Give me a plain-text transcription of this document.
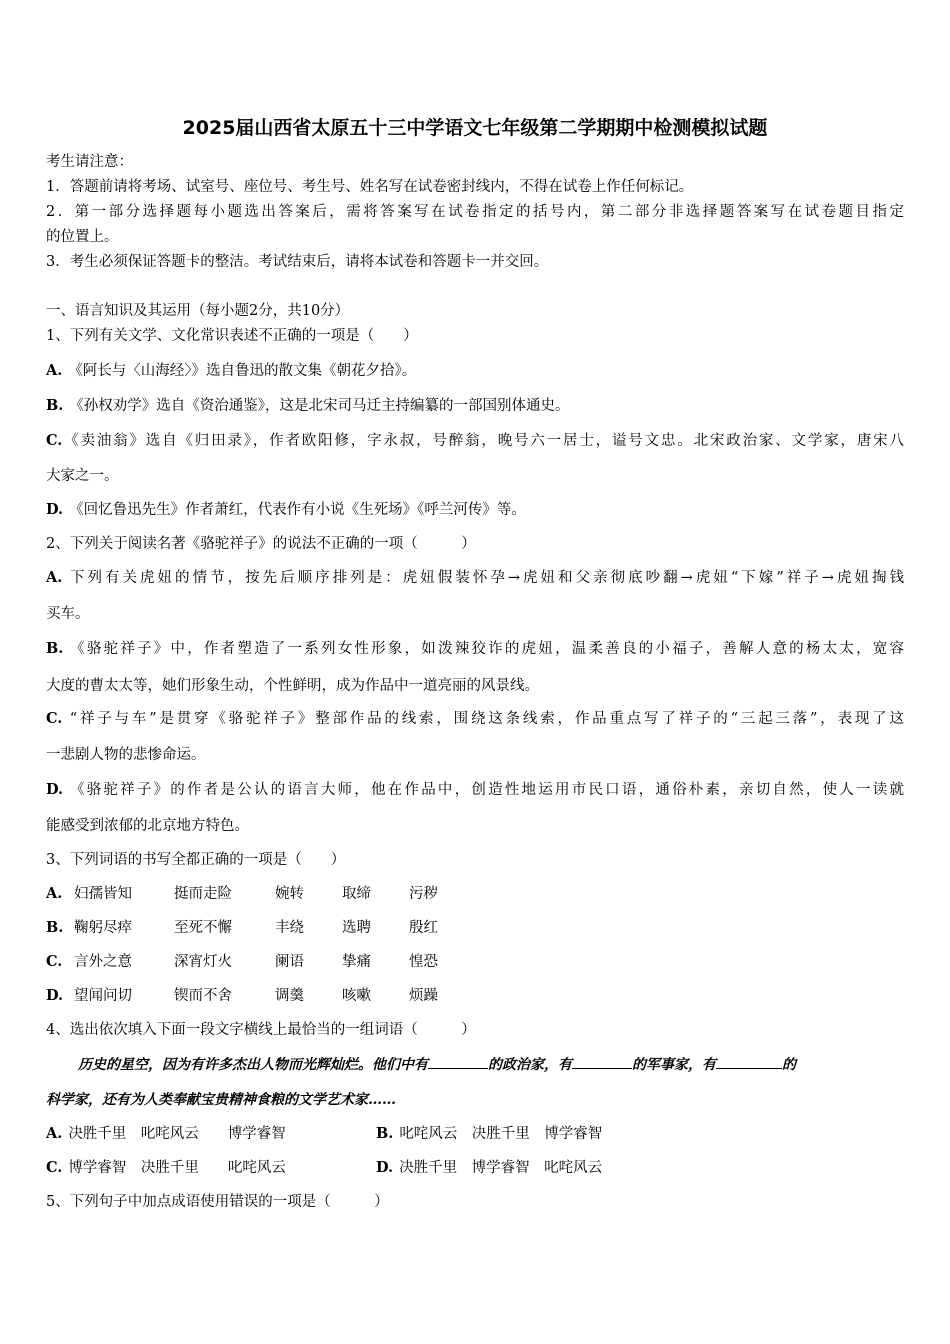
2025届山西省太原五十三中学语文七年级第二学期期中检测模拟试题
考生请注意：
1．答题前请将考场、试室号、座位号、考生号、姓名写在试卷密封线内，不得在试卷上作任何标记。
2．第一部分选择题每小题选出答案后，需将答案写在试卷指定的括号内，第二部分非选择题答案写在试卷题目指定
的位置上。
3．考生必须保证答题卡的整洁。考试结束后，请将本试卷和答题卡一并交回。
一、语言知识及其运用（每小题2分，共10分）
1、下列有关文学、文化常识表述不正确的一项是（　　）
A. 《阿长与〈山海经〉》选自鲁迅的散文集《朝花夕拾》。
B. 《孙权劝学》选自《资治通鉴》，这是北宋司马迁主持编纂的一部国别体通史。
C.《卖油翁》选自《归田录》，作者欧阳修，字永叔，号醉翁，晚号六一居士，谥号文忠。北宋政治家、文学家，唐宋八
大家之一。
D. 《回忆鲁迅先生》作者萧红，代表作有小说《生死场》《呼兰河传》等。
2、下列关于阅读名著《骆驼祥子》的说法不正确的一项（　　　）
A. 下列有关虎妞的情节，按先后顺序排列是：虎妞假装怀孕→虎妞和父亲彻底吵翻→虎妞“下嫁”祥子→虎妞掏钱
买车。
B. 《骆驼祥子》中，作者塑造了一系列女性形象，如泼辣狡诈的虎妞，温柔善良的小福子，善解人意的杨太太，宽容
大度的曹太太等，她们形象生动，个性鲜明，成为作品中一道亮丽的风景线。
C. “祥子与车”是贯穿《骆驼祥子》整部作品的线索，围绕这条线索，作品重点写了祥子的“三起三落”，表现了这
一悲剧人物的悲惨命运。
D. 《骆驼祥子》的作者是公认的语言大师，他在作品中，创造性地运用市民口语，通俗朴素，亲切自然，使人一读就
能感受到浓郁的北京地方特色。
3、下列词语的书写全都正确的一项是（　　）
A. 妇孺皆知	挺而走险	婉转	取缔	污秽
B. 鞠躬尽瘁	至死不懈	丰绕	选聘	殷红
C. 言外之意	深宵灯火	阑语	挚痛	惶恐
D. 望闻问切	锲而不舍	调羹	咳嗽	烦躁
4、选出依次填入下面一段文字横线上最恰当的一组词语（　　　）
历史的星空，因为有许多杰出人物而光辉灿烂。他们中有	的政治家，有	的军事家，有	的
科学家，还有为人类奉献宝贵精神食粮的文学艺术家……
A. 决胜千里　叱咤风云　　博学睿智	B. 叱咤风云　决胜千里　博学睿智
C. 博学睿智　决胜千里　　叱咤风云	D. 决胜千里　博学睿智　叱咤风云
5、下列句子中加点成语使用错误的一项是（　　　）
